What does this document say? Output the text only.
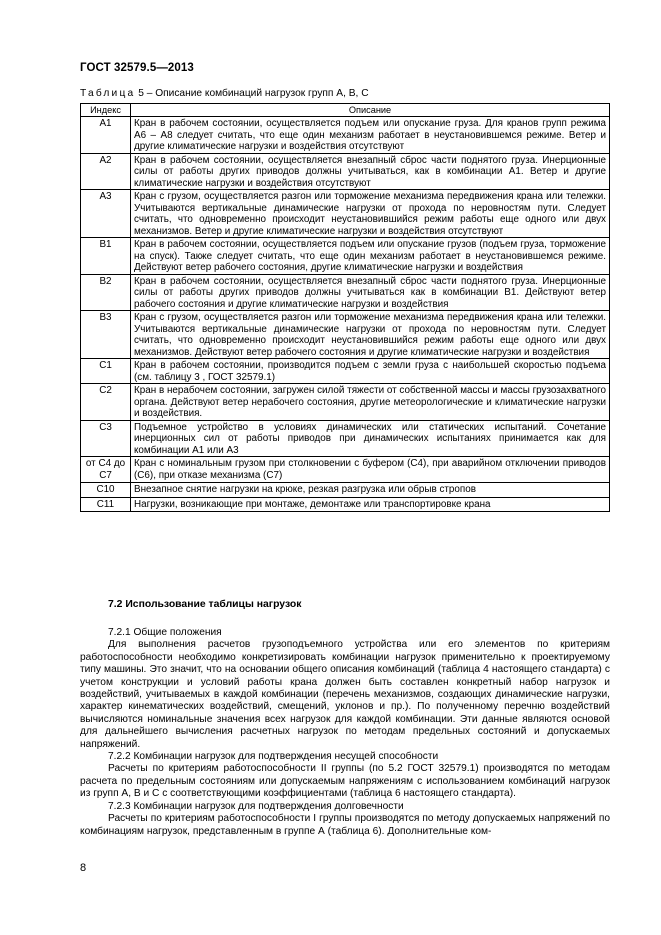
ГОСТ 32579.5—2013
Таблица 5 – Описание комбинаций нагрузок групп А, В, С
Индекс	Описание
А1	Кран в рабочем состоянии, осуществляется подъем или опускание груза. Для кранов групп режима А6 – А8 следует считать, что еще один механизм работает в неустановившемся режиме. Ветер и другие климатические нагрузки и воздействия отсутствуют
А2	Кран в рабочем состоянии, осуществляется внезапный сброс части поднятого груза. Инерционные силы от работы других приводов должны учитываться, как в комбинации А1. Ветер и другие климатические нагрузки и воздействия отсутствуют
А3	Кран с грузом, осуществляется разгон или торможение механизма передвижения крана или тележки. Учитываются вертикальные динамические нагрузки от прохода по неровностям пути. Следует считать, что одновременно происходит неустановившийся режим работы еще одного или двух механизмов. Ветер и другие климатические нагрузки и воздействия отсутствуют
В1	Кран в рабочем состоянии, осуществляется подъем или опускание грузов (подъем груза, торможение на спуск). Также следует считать, что еще один механизм работает в неустановившемся режиме. Действуют ветер рабочего состояния, другие климатические нагрузки и воздействия
В2	Кран в рабочем состоянии, осуществляется внезапный сброс части поднятого груза. Инерционные силы от работы других приводов должны учитываться как в комбинации В1. Действуют ветер рабочего состояния и другие климатические нагрузки и воздействия
В3	Кран с грузом, осуществляется разгон или торможение механизма передвижения крана или тележки. Учитываются вертикальные динамические нагрузки от прохода по неровностям пути. Следует считать, что одновременно происходит неустановившийся режим работы еще одного или двух механизмов. Действуют ветер рабочего состояния и другие климатические нагрузки и воздействия
С1	Кран в рабочем состоянии, производится подъем с земли груза с наибольшей скоростью подъема (см. таблицу 3 , ГОСТ 32579.1)
С2	Кран в нерабочем состоянии, загружен силой тяжести от собственной массы и массы грузозахватного органа. Действуют ветер нерабочего состояния, другие метеорологические и климатические нагрузки и воздействия.
С3	Подъемное устройство в условиях динамических или статических испытаний. Сочетание инерционных сил от работы приводов при динамических испытаниях принимается как для комбинации А1 или А3
от С4 до С7	Кран с номинальным грузом при столкновении с буфером (С4), при аварийном отключении приводов (С6), при отказе механизма (С7)
С10	Внезапное снятие нагрузки на крюке, резкая разгрузка или обрыв стропов
С11	Нагрузки, возникающие при монтаже, демонтаже или транспортировке крана
7.2 Использование таблицы нагрузок

7.2.1 Общие положения

Для выполнения расчетов грузоподъемного устройства или его элементов по критериям работоспособности необходимо конкретизировать комбинации нагрузок применительно к проектируемому типу машины. Это значит, что на основании общего описания комбинаций (таблица 4 настоящего стандарта) с учетом конструкции и условий работы крана должен быть составлен конкретный набор нагрузок и воздействий, учитываемых в каждой комбинации (перечень механизмов, создающих динамические нагрузки, характер кинематических воздействий, смещений, уклонов и пр.). По полученному перечню воздействий вычисляются номинальные значения всех нагрузок для каждой комбинации. Эти данные являются основой для дальнейшего вычисления расчетных нагрузок по методам предельных состояний и допускаемых напряжений.

7.2.2 Комбинации нагрузок для подтверждения несущей способности

Расчеты по критериям работоспособности II группы (по 5.2 ГОСТ 32579.1) производятся по методам расчета по предельным состояниям или допускаемым напряжениям с использованием комбинаций нагрузок из групп А, В и С с соответствующими коэффициентами (таблица 6 настоящего стандарта).

7.2.3 Комбинации нагрузок для подтверждения долговечности

Расчеты по критериям работоспособности I группы производятся по методу допускаемых напряжений по комбинациям нагрузок, представленным в группе А (таблица 6). Дополнительные ком-

8
